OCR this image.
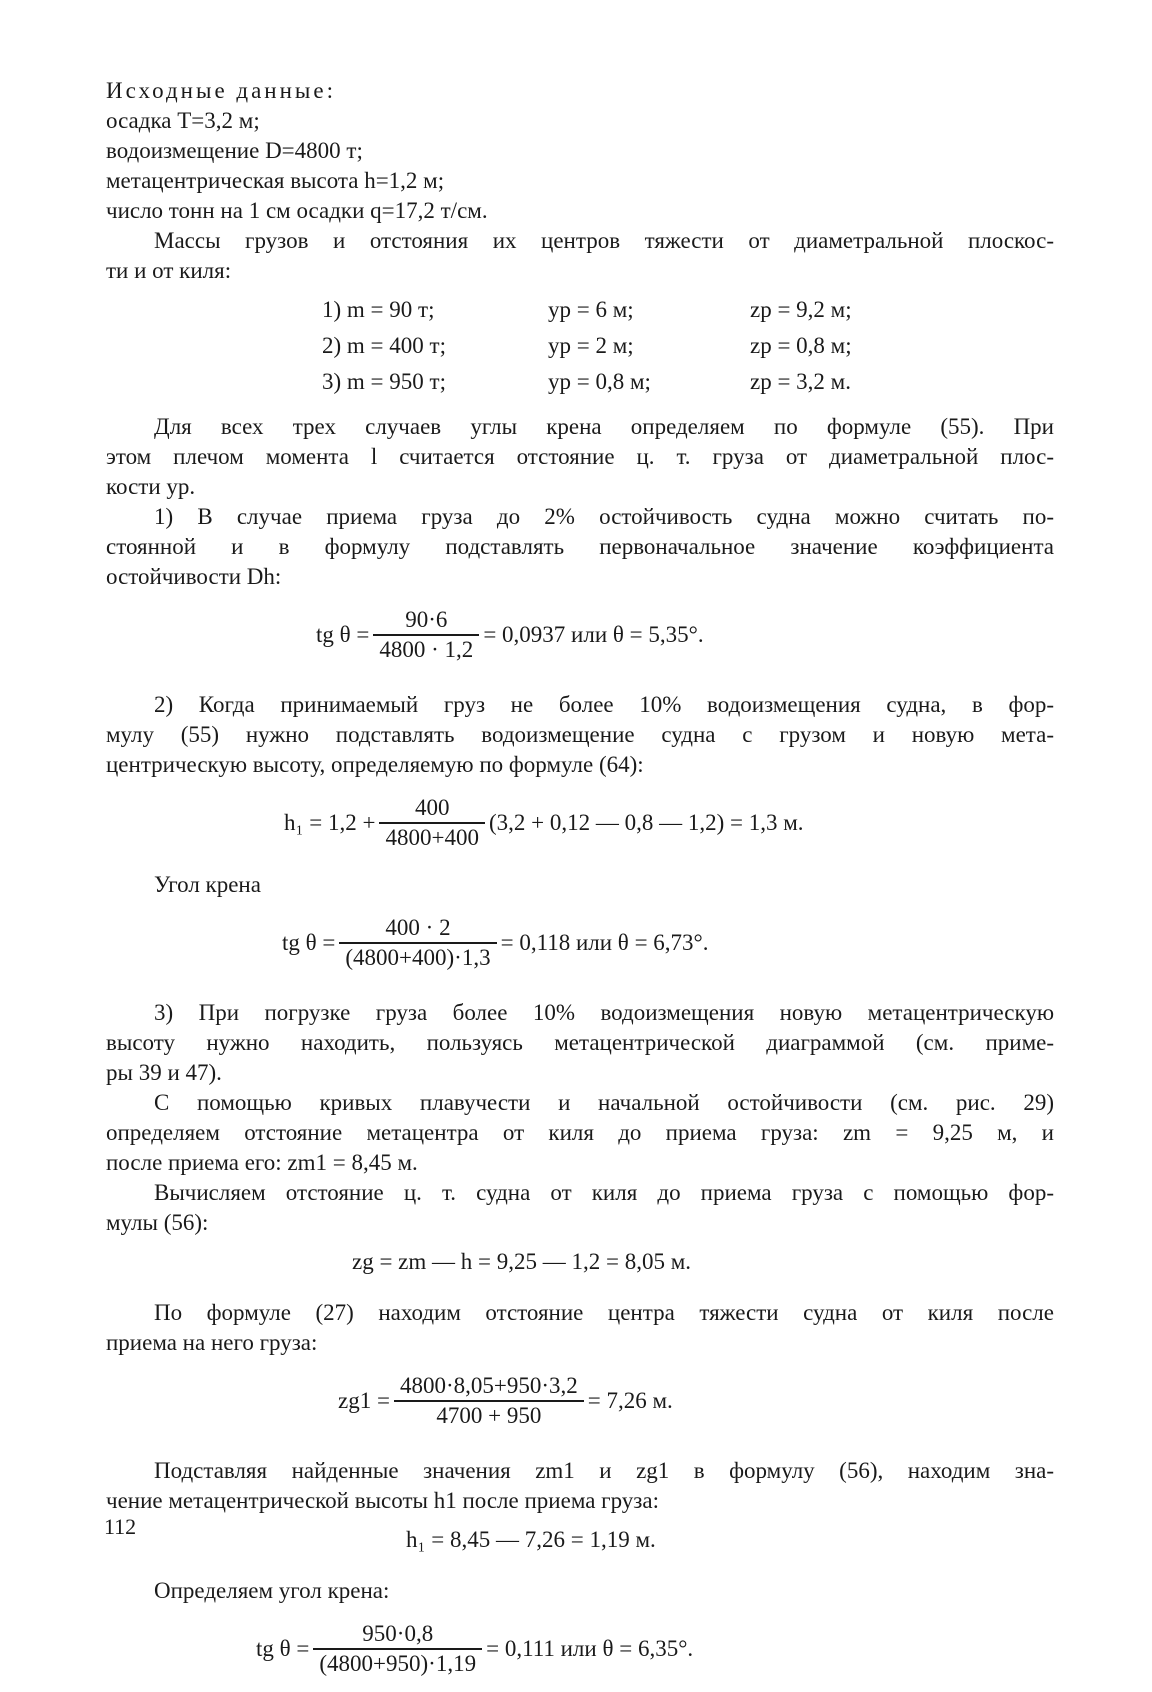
Исходные данные:
осадка T=3,2 м;
водоизмещение D=4800 т;
метацентрическая высота h=1,2 м;
число тонн на 1 см осадки q=17,2 т/см.
Массы грузов и отстояния их центров тяжести от диаметральной плоскос-
ти и от киля:
1) m = 90 т;	yp = 6 м;	zp = 9,2 м;
2) m = 400 т;	yp = 2 м;	zp = 0,8 м;
3) m = 950 т;	yp = 0,8 м;	zp = 3,2 м.
Для всех трех случаев углы крена определяем по формуле (55). При
этом плечом момента l считается отстояние ц. т. груза от диаметральной плос-
кости yp.
1) В случае приема груза до 2% остойчивость судна можно считать по-
стоянной и в формулу подставлять первоначальное значение коэффициента
остойчивости Dh:
tg $\theta = \frac{90\cdot 6}{4800 \cdot 1,2} = 0,0937$ или θ = 5,35°.
2) Когда принимаемый груз не более 10% водоизмещения судна, в фор-
мулу (55) нужно подставлять водоизмещение судна с грузом и новую мета-
центрическую высоту, определяемую по формуле (64):
$h_1 = 1,2 + \frac{400}{4800+400} (3,2 + 0,12$ — 0,8 — 1,2) = 1,3 м.
Угол крена
tg $\theta = \frac{400 \cdot 2}{(4800+400)\cdot 1,3} = 0,118$ или θ = 6,73°.
3) При погрузке груза более 10% водоизмещения новую метацентрическую
высоту нужно находить, пользуясь метацентрической диаграммой (см. приме-
ры 39 и 47).
С помощью кривых плавучести и начальной остойчивости (см. рис. 29)
определяем отстояние метацентра от киля до приема груза: zm = 9,25 м, и
после приема его: zm1 = 8,45 м.
Вычисляем отстояние ц. т. судна от киля до приема груза с помощью фор-
мулы (56):
zg = zm — h = 9,25 — 1,2 = 8,05 м.
По формуле (27) находим отстояние центра тяжести судна от киля после
приема на него груза:
$zg1 = \frac{4800\cdot 8,05+950\cdot 3,2}{4700 + 950} = 7,26$ м.
Подставляя найденные значения zm1 и zg1 в формулу (56), находим зна-
чение метацентрической высоты h1 после приема груза:
h₁ = 8,45 — 7,26 = 1,19 м.
Определяем угол крена:
tg $\theta = \frac{950\cdot 0,8}{(4800+950)\cdot 1,19} = 0,111$ или θ = 6,35°.
112
